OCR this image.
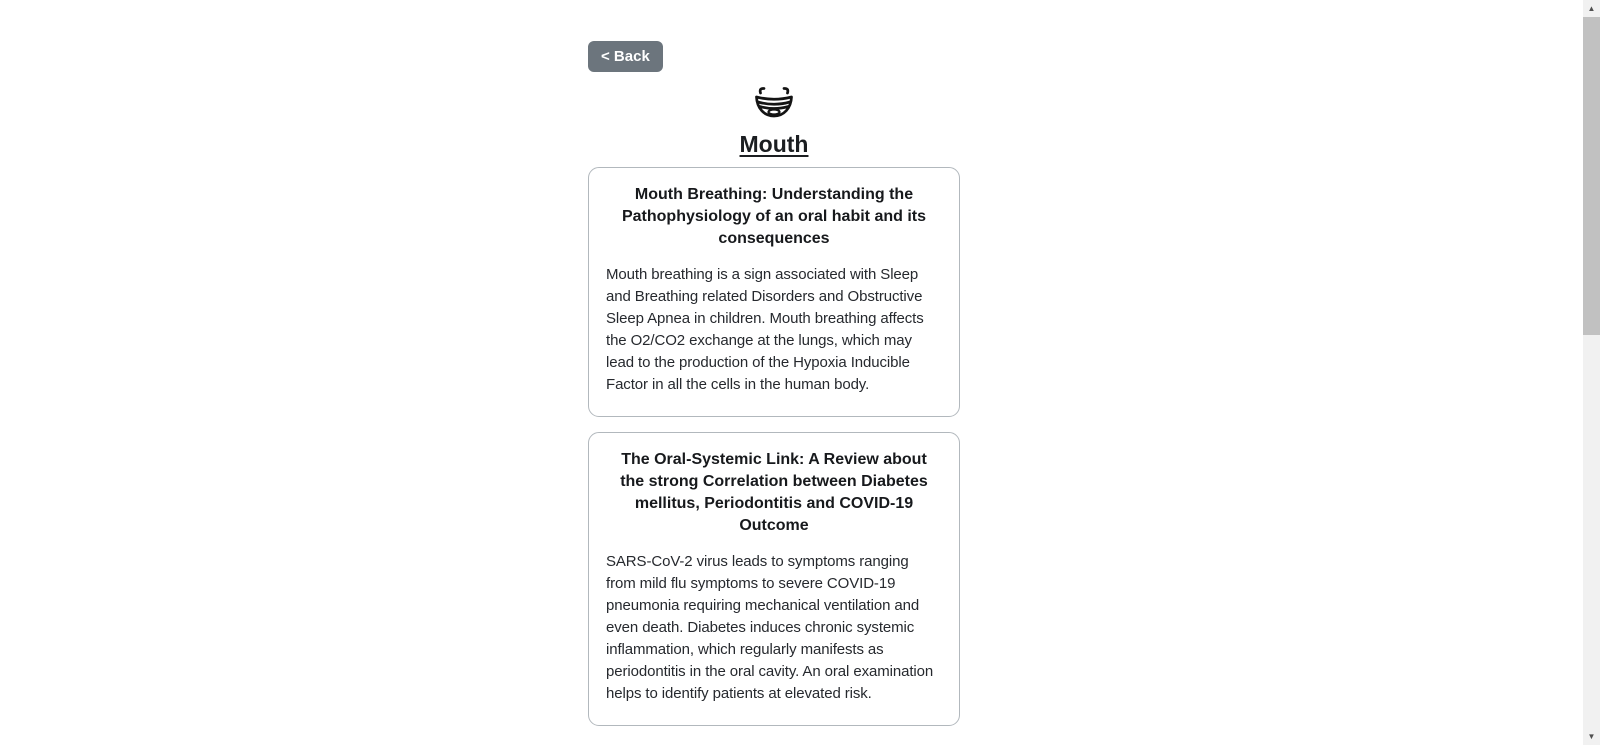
< Back
Mouth
Mouth Breathing: Understanding the Pathophysiology of an oral habit and its consequences
Mouth breathing is a sign associated with Sleep and Breathing related Disorders and Obstructive Sleep Apnea in children. Mouth breathing affects the O2/CO2 exchange at the lungs, which may lead to the production of the Hypoxia Inducible Factor in all the cells in the human body.
The Oral-Systemic Link: A Review about the strong Correlation between Diabetes mellitus, Periodontitis and COVID-19 Outcome
SARS-CoV-2 virus leads to symptoms ranging from mild flu symptoms to severe COVID-19 pneumonia requiring mechanical ventilation and even death. Diabetes induces chronic systemic inflammation, which regularly manifests as periodontitis in the oral cavity. An oral examination helps to identify patients at elevated risk.
▲
▼
